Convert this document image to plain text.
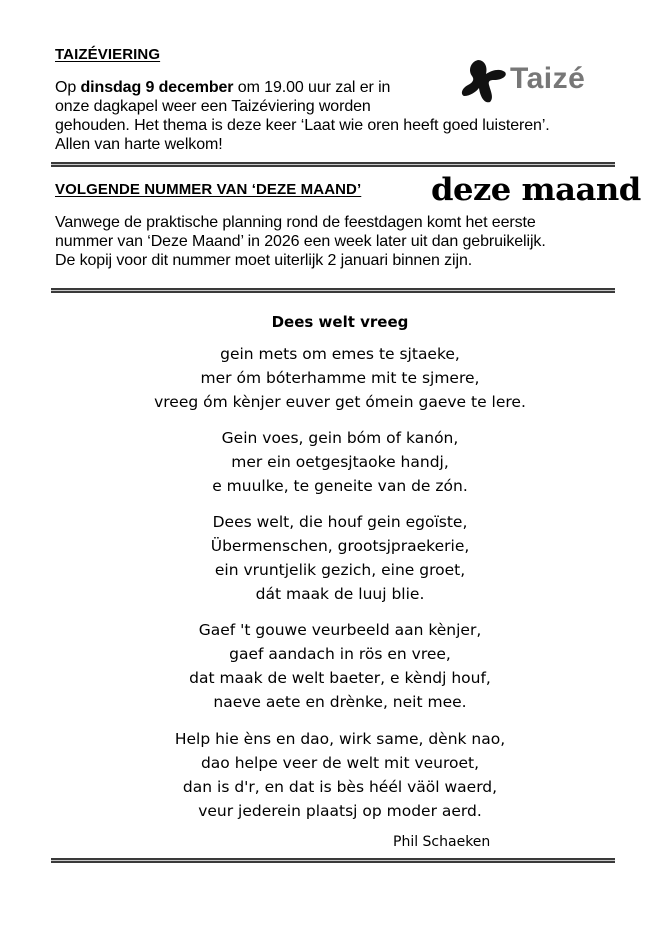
TAIZÉVIERING
Op dinsdag 9 december om 19.00 uur zal er in
onze dagkapel weer een Taizéviering worden
gehouden. Het thema is deze keer ‘Laat wie oren heeft goed luisteren’.
Allen van harte welkom!
Taizé
VOLGENDE NUMMER VAN ‘DEZE MAAND’ deze maand
Vanwege de praktische planning rond de feestdagen komt het eerste
nummer van ‘Deze Maand’ in 2026 een week later uit dan gebruikelijk.
De kopij voor dit nummer moet uiterlijk 2 januari binnen zijn.
Dees welt vreeg
gein mets om emes te sjtaeke,
mer óm bóterhamme mit te sjmere,
vreeg óm kènjer euver get ómein gaeve te lere.
Gein voes, gein bóm of kanón,
mer ein oetgesjtaoke handj,
e muulke, te geneite van de zón.
Dees welt, die houf gein egoïste,
Übermenschen, grootsjpraekerie,
ein vruntjelik gezich, eine groet,
dát maak de luuj blie.
Gaef 't gouwe veurbeeld aan kènjer,
gaef aandach in rös en vree,
dat maak de welt baeter, e kèndj houf,
naeve aete en drènke, neit mee.
Help hie èns en dao, wirk same, dènk nao,
dao helpe veer de welt mit veuroet,
dan is d'r, en dat is bès héél väöl waerd,
veur jederein plaatsj op moder aerd.
Phil Schaeken
